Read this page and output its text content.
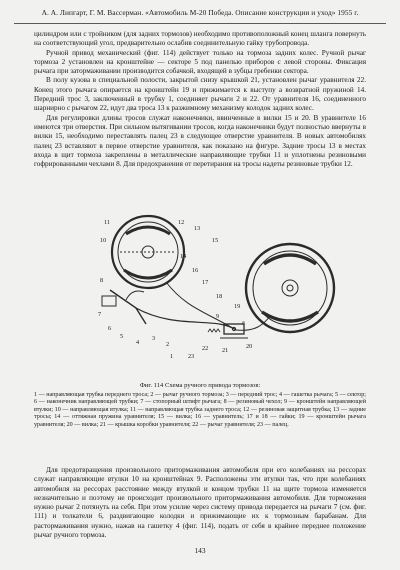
А. А. Липгарт, Г. М. Вассерман. «Автомобиль М-20 Победа. Описание конструкции и уход» 1955 г.

цилиндром или с тройником (для задних тормозов) необходимо противоположный конец шланга повернуть на соответствующий угол, предварительно ослабив соединительную гайку трубопровода.

Ручной привод механический (фиг. 114) действует только на тормоза задних колес. Ручной рычаг тормоза 2 установлен на кронштейне — секторе 5 под панелью приборов с левой стороны. Фиксация рычага при затормаживании производится собачкой, входящей в зубцы гребенки сектора.

В полу кузова в специальной полости, закрытой снизу крышкой 21, установлен рычаг уравнителя 22. Конец этого рычага опирается на кронштейн 19 и прижимается к выступу a возвратной пружиной 14. Передний трос 3, заключенный в трубку 1, соединяет рычаги 2 и 22. От уравнителя 16, соединенного шарнирно с рычагом 22, идут два троса 13 к разжимному механизму колодок задних колес.

Для регулировки длины тросов служат наконечники, ввинченные в вилки 15 и 20. В уравнителе 16 имеются три отверстия. При сильном вытягивании тросов, когда наконечники будут полностью ввернуты в вилки 15, необходимо переставлять палец 23 в следующее отверстие уравнителя. В новых автомобилях палец 23 вставляют в первое отверстие уравнителя, как показано на фигуре. Задние тросы 13 в местах входа в щит тормоза закреплены в металлические направляющие трубки 11 и уплотнены резиновыми гофрированными чехлами 8. Для предохранения от перетирания на тросы надеты резиновые трубки 12.

11	12
13
10
14
15
8
16
17
7
18
19
6
20
5
21
4
22
3
23
2
1
9
a
Фиг. 114 Схема ручного привода тормозов:

1 — направляющая трубка переднего троса; 2 — рычаг ручного тормоза; 3 — передний трос; 4 — гашетка рычага; 5 — сектор; 6 — наконечник направляющей трубки; 7 — стопорный штифт рычага; 8 — резиновый чехол; 9 — кронштейн направляющей втулки; 10 — направляющая втулка; 11 — направляющая трубка заднего троса; 12 — резиновая защитная трубка; 13 — задние тросы; 14 — оттяжная пружина уравнителя; 15 — вилка; 16 — уравнитель; 17 и 18 — гайки; 19 — кронштейн рычага уравнителя; 20 — вилка; 21 — крышка коробки уравнителя; 22 — рычаг уравнителя; 23 — палец.

Для предотвращения произвольного притормаживания автомобиля при его колебаниях на рессорах служат направляющие втулки 10 на кронштейнах 9. Расположены эти втулки так, что при колебаниях автомобиля на рессорах расстояние между втулкой и концом трубки 11 на щите тормоза изменяется незначительно и поэтому не происходит произвольного притормаживания автомобиля. Для торможения нужно рычаг 2 потянуть на себя. При этом усилие через систему привода передается на рычаги 7 (см. фиг. 111) и толкатели 6, раздвигающие колодки и прижимающие их к тормозным барабанам. Для растормаживания нужно, нажав на гашетку 4 (фиг. 114), подать от себя в крайнее переднее положение рычаг ручного тормоза.

143
